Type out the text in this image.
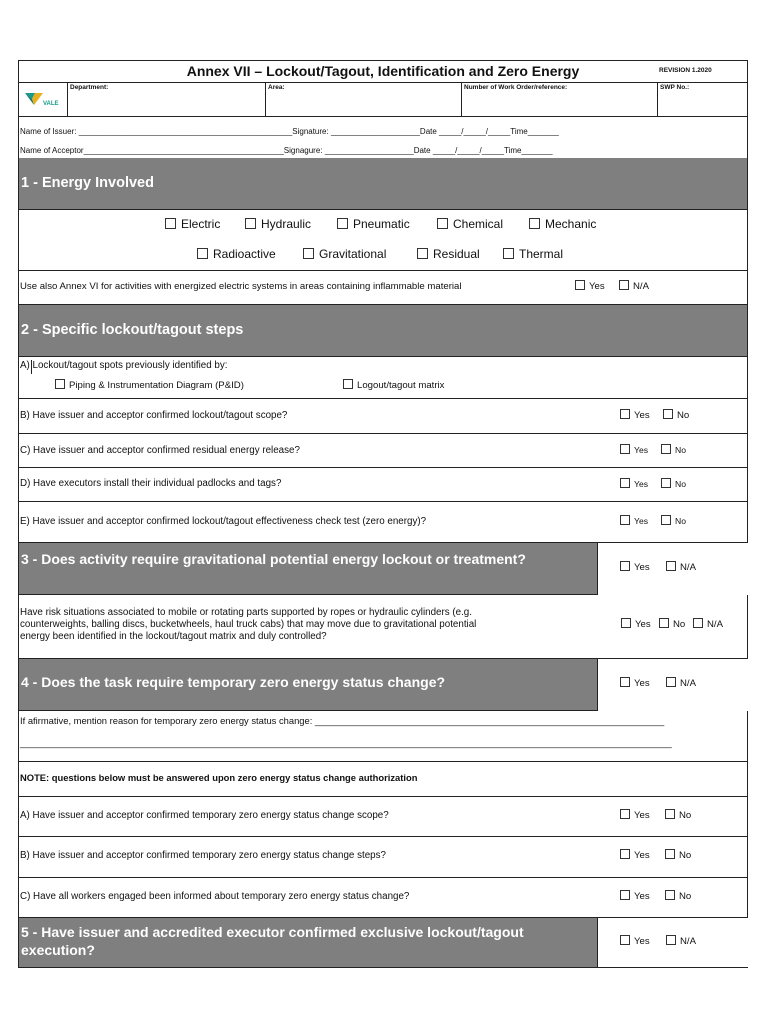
Annex VII – Lockout/Tagout, Identification and Zero Energy	REVISION 1.2020
VALE
Department:	Area:	Number of Work Order/reference:	SWP No.:
Name of Issuer: ________________________________________________Signature: ____________________Date _____/_____/_____Time_______
Name of Acceptor_____________________________________________Signagure: ____________________Date _____/_____/_____Time_______
1 - Energy Involved
Electric	Hydraulic	Pneumatic	Chemical	Mechanic
Radioactive	Gravitational	Residual	Thermal
Use also Annex VI for activities with energized electric systems in areas containing inflammable material	Yes	N/A
2 - Specific lockout/tagout steps
A) Lockout/tagout spots previously identified by:
Piping & Instrumentation Diagram (P&ID)	Logout/tagout matrix
B) Have issuer and acceptor confirmed lockout/tagout scope?	Yes	No
C) Have issuer and acceptor confirmed residual energy release?	Yes	No
D) Have executors install their individual padlocks and tags?	Yes	No
E) Have issuer and acceptor confirmed lockout/tagout effectiveness check test (zero energy)?	Yes	No
3 - Does activity require gravitational potential energy lockout or treatment?
Yes	N/A
Have risk situations associated to mobile or rotating parts supported by ropes or hydraulic cylinders (e.g.
counterweights, balling discs, bucketwheels, haul truck cabs) that may move due to gravitational potential
energy been identified in the lockout/tagout matrix and duly controlled?
Yes	No	N/A
4 - Does the task require temporary zero energy status change?	Yes	N/A
If afirmative, mention reason for temporary zero energy status change: ___________________________________________________________________
_____________________________________________________________________________________________________________________________
NOTE: questions below must be answered upon zero energy status change authorization
A) Have issuer and acceptor confirmed temporary zero energy status change scope?	Yes	No
B) Have issuer and acceptor confirmed temporary zero energy status change steps?	Yes	No
C) Have all workers engaged been informed about temporary zero energy status change?	Yes	No
5 - Have issuer and accredited executor confirmed exclusive lockout/tagout
execution?
Yes	N/A
